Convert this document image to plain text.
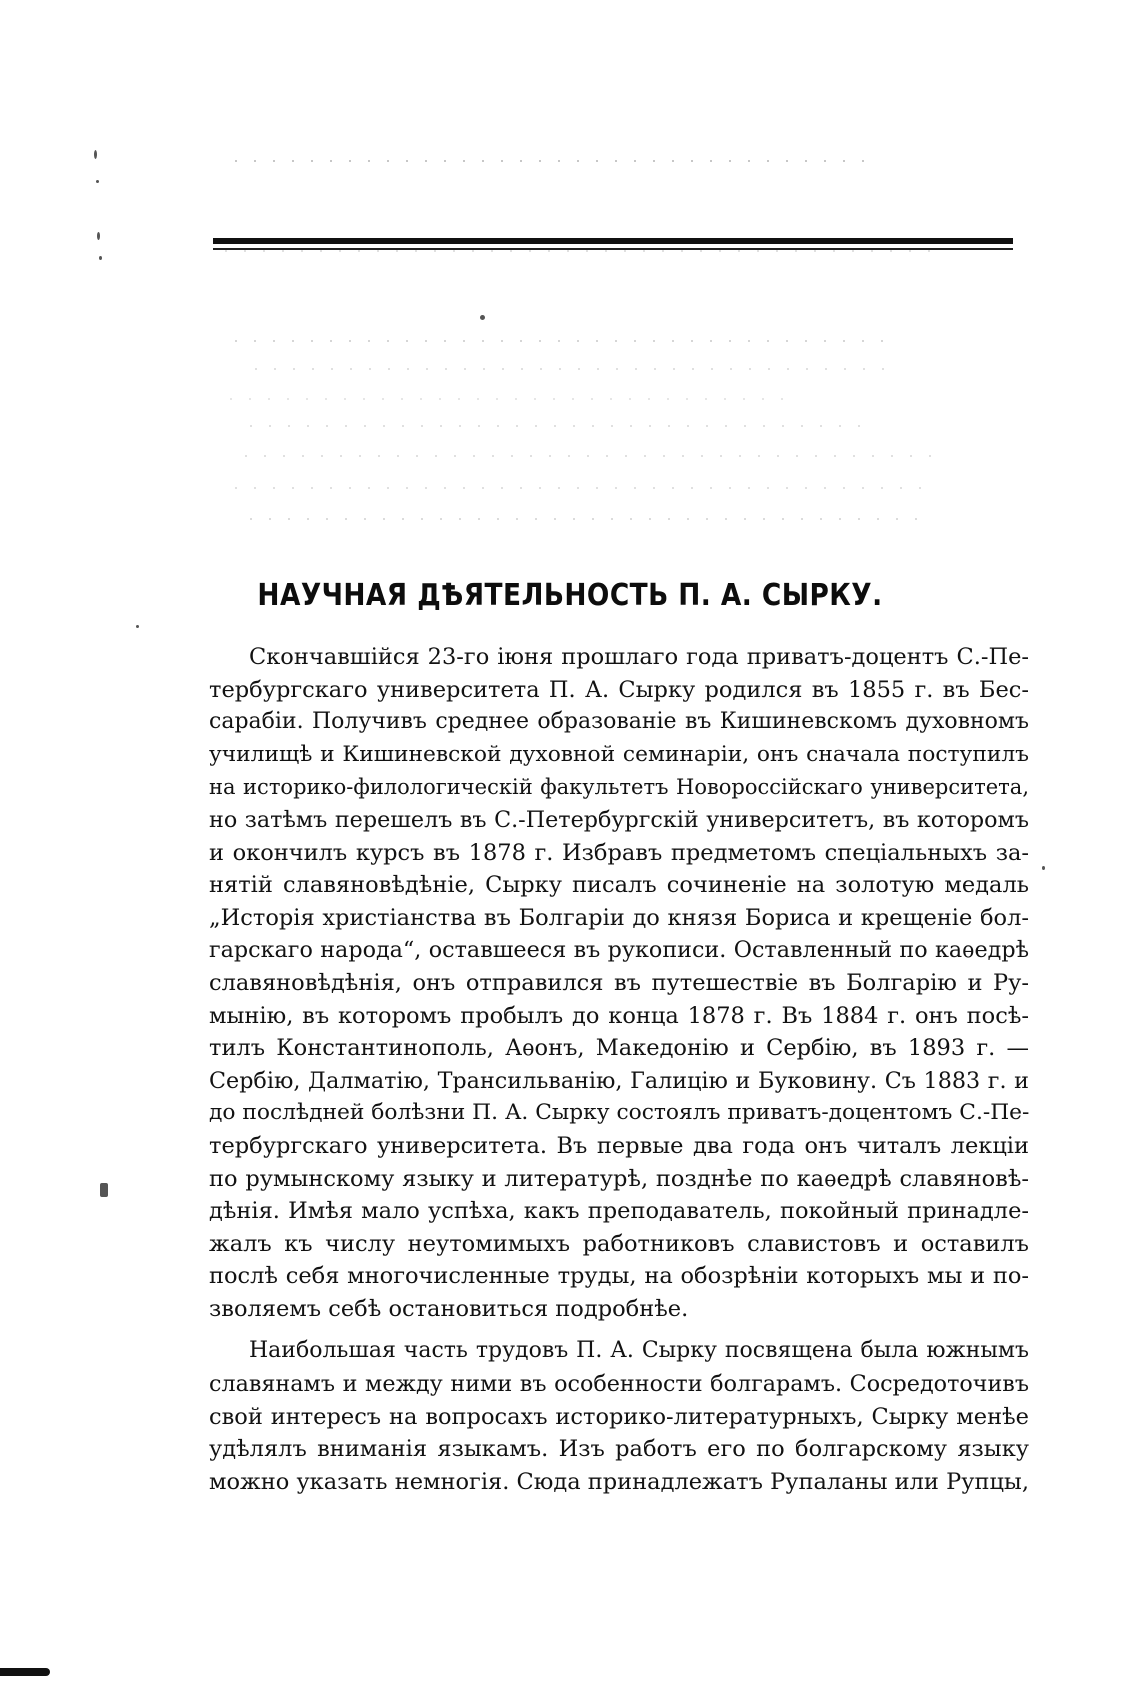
НАУЧНАЯ ДѢЯТЕЛЬНОСТЬ П. А. СЫРКУ.
Скончавшійся 23-го іюня прошлаго года приватъ-доцентъ С.-Пе-
тербургскаго университета П. А. Сырку родился въ 1855 г. въ Бес-
сарабіи. Получивъ среднее образованіе въ Кишиневскомъ духовномъ
училищѣ и Кишиневской духовной семинаріи, онъ сначала поступилъ
на историко-филологическій факультетъ Новороссійскаго университета,
но затѣмъ перешелъ въ С.-Петербургскій университетъ, въ которомъ
и окончилъ курсъ въ 1878 г. Избравъ предметомъ спеціальныхъ за-
нятій славяновѣдѣніе, Сырку писалъ сочиненіе на золотую медаль
„Исторія христіанства въ Болгаріи до князя Бориса и крещеніе бол-
гарскаго народа“, оставшееся въ рукописи. Оставленный по каѳедрѣ
славяновѣдѣнія, онъ отправился въ путешествіе въ Болгарію и Ру-
мынію, въ которомъ пробылъ до конца 1878 г. Въ 1884 г. онъ посѣ-
тилъ Константинополь, Аѳонъ, Македонію и Сербію, въ 1893 г. —
Сербію, Далматію, Трансильванію, Галицію и Буковину. Съ 1883 г. и
до послѣдней болѣзни П. А. Сырку состоялъ приватъ-доцентомъ С.-Пе-
тербургскаго университета. Въ первые два года онъ читалъ лекціи
по румынскому языку и литературѣ, позднѣе по каѳедрѣ славяновѣ-
дѣнія. Имѣя мало успѣха, какъ преподаватель, покойный принадле-
жалъ къ числу неутомимыхъ работниковъ славистовъ и оставилъ
послѣ себя многочисленные труды, на обозрѣніи которыхъ мы и по-
зволяемъ себѣ остановиться подробнѣе.
Наибольшая часть трудовъ П. А. Сырку посвящена была южнымъ
славянамъ и между ними въ особенности болгарамъ. Сосредоточивъ
свой интересъ на вопросахъ историко-литературныхъ, Сырку менѣе
удѣлялъ вниманія языкамъ. Изъ работъ его по болгарскому языку
можно указать немногія. Сюда принадлежатъ Рупаланы или Рупцы,
